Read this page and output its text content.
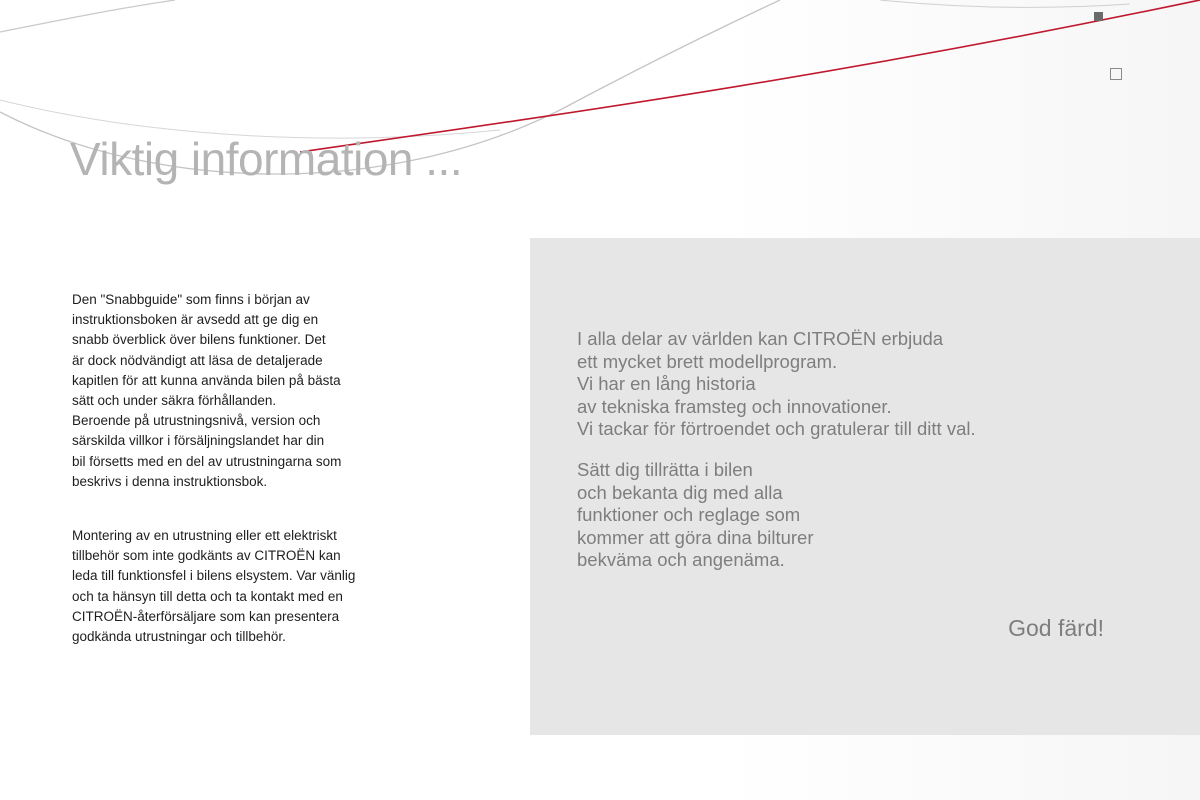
Viktig information ...
Den "Snabbguide" som finns i början av
instruktionsboken är avsedd att ge dig en
snabb överblick över bilens funktioner. Det
är dock nödvändigt att läsa de detaljerade
kapitlen för att kunna använda bilen på bästa
sätt och under säkra förhållanden.
Beroende på utrustningsnivå, version och
särskilda villkor i försäljningslandet har din
bil försetts med en del av utrustningarna som
beskrivs i denna instruktionsbok.
Montering av en utrustning eller ett elektriskt
tillbehör som inte godkänts av CITROËN kan
leda till funktionsfel i bilens elsystem. Var vänlig
och ta hänsyn till detta och ta kontakt med en
CITROËN-återförsäljare som kan presentera
godkända utrustningar och tillbehör.
I alla delar av världen kan CITROËN erbjuda
ett mycket brett modellprogram.
Vi har en lång historia
av tekniska framsteg och innovationer.
Vi tackar för förtroendet och gratulerar till ditt val.
Sätt dig tillrätta i bilen
och bekanta dig med alla
funktioner och reglage som
kommer att göra dina bilturer
bekväma och angenäma.

God färd!
